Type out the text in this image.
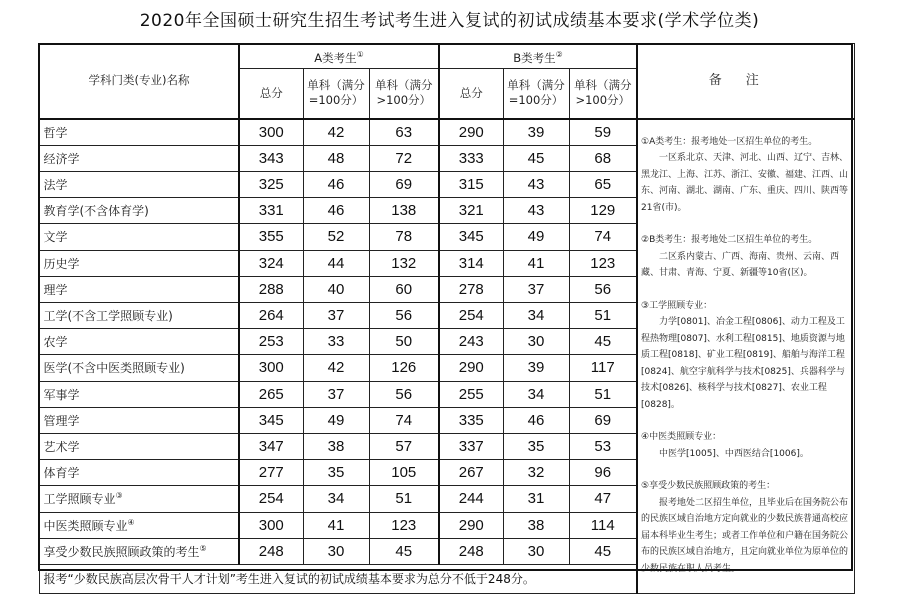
2020年全国硕士研究生招生考试考生进入复试的初试成绩基本要求(学术学位类)
学科门类(专业)名称	A类考生①			B类考生②			备注
	总分	单科（满分=100分）	单科（满分>100分）	总分	单科（满分=100分）	单科（满分>100分）	
哲学	300	42	63	290	39	59	

①A类考生：报考地处一区招生单位的考生。
一区系北京、天津、河北、山西、辽宁、吉林、黑龙江、上海、江苏、浙江、安徽、福建、江西、山东、河南、湖北、湖南、广东、重庆、四川、陕西等21省(市)。

②B类考生：报考地处二区招生单位的考生。
二区系内蒙古、广西、海南、贵州、云南、西藏、甘肃、青海、宁夏、新疆等10省(区)。

③工学照顾专业：
力学[0801]、冶金工程[0806]、动力工程及工程热物理[0807]、水利工程[0815]、地质资源与地质工程[0818]、矿业工程[0819]、船舶与海洋工程[0824]、航空宇航科学与技术[0825]、兵器科学与技术[0826]、核科学与技术[0827]、农业工程[0828]。

④中医类照顾专业：
中医学[1005]、中西医结合[1006]。

⑤享受少数民族照顾政策的考生：
报考地处二区招生单位，且毕业后在国务院公布的民族区域自治地方定向就业的少数民族普通高校应届本科毕业生考生；或者工作单位和户籍在国务院公布的民族区域自治地方，且定向就业单位为原单位的少数民族在职人员考生。

经济学	343	48	72	333	45	68	
法学	325	46	69	315	43	65	
教育学(不含体育学)	331	46	138	321	43	129	
文学	355	52	78	345	49	74	
历史学	324	44	132	314	41	123	
理学	288	40	60	278	37	56	
工学(不含工学照顾专业)	264	37	56	254	34	51	
农学	253	33	50	243	30	45	
医学(不含中医类照顾专业)	300	42	126	290	39	117	
军事学	265	37	56	255	34	51	
管理学	345	49	74	335	46	69	
艺术学	347	38	57	337	35	53	
体育学	277	35	105	267	32	96	
工学照顾专业③	254	34	51	244	31	47	
中医类照顾专业④	300	41	123	290	38	114	
享受少数民族照顾政策的考生⑤	248	30	45	248	30	45	
报考“少数民族高层次骨干人才计划”考生进入复试的初试成绩基本要求为总分不低于248分。							
